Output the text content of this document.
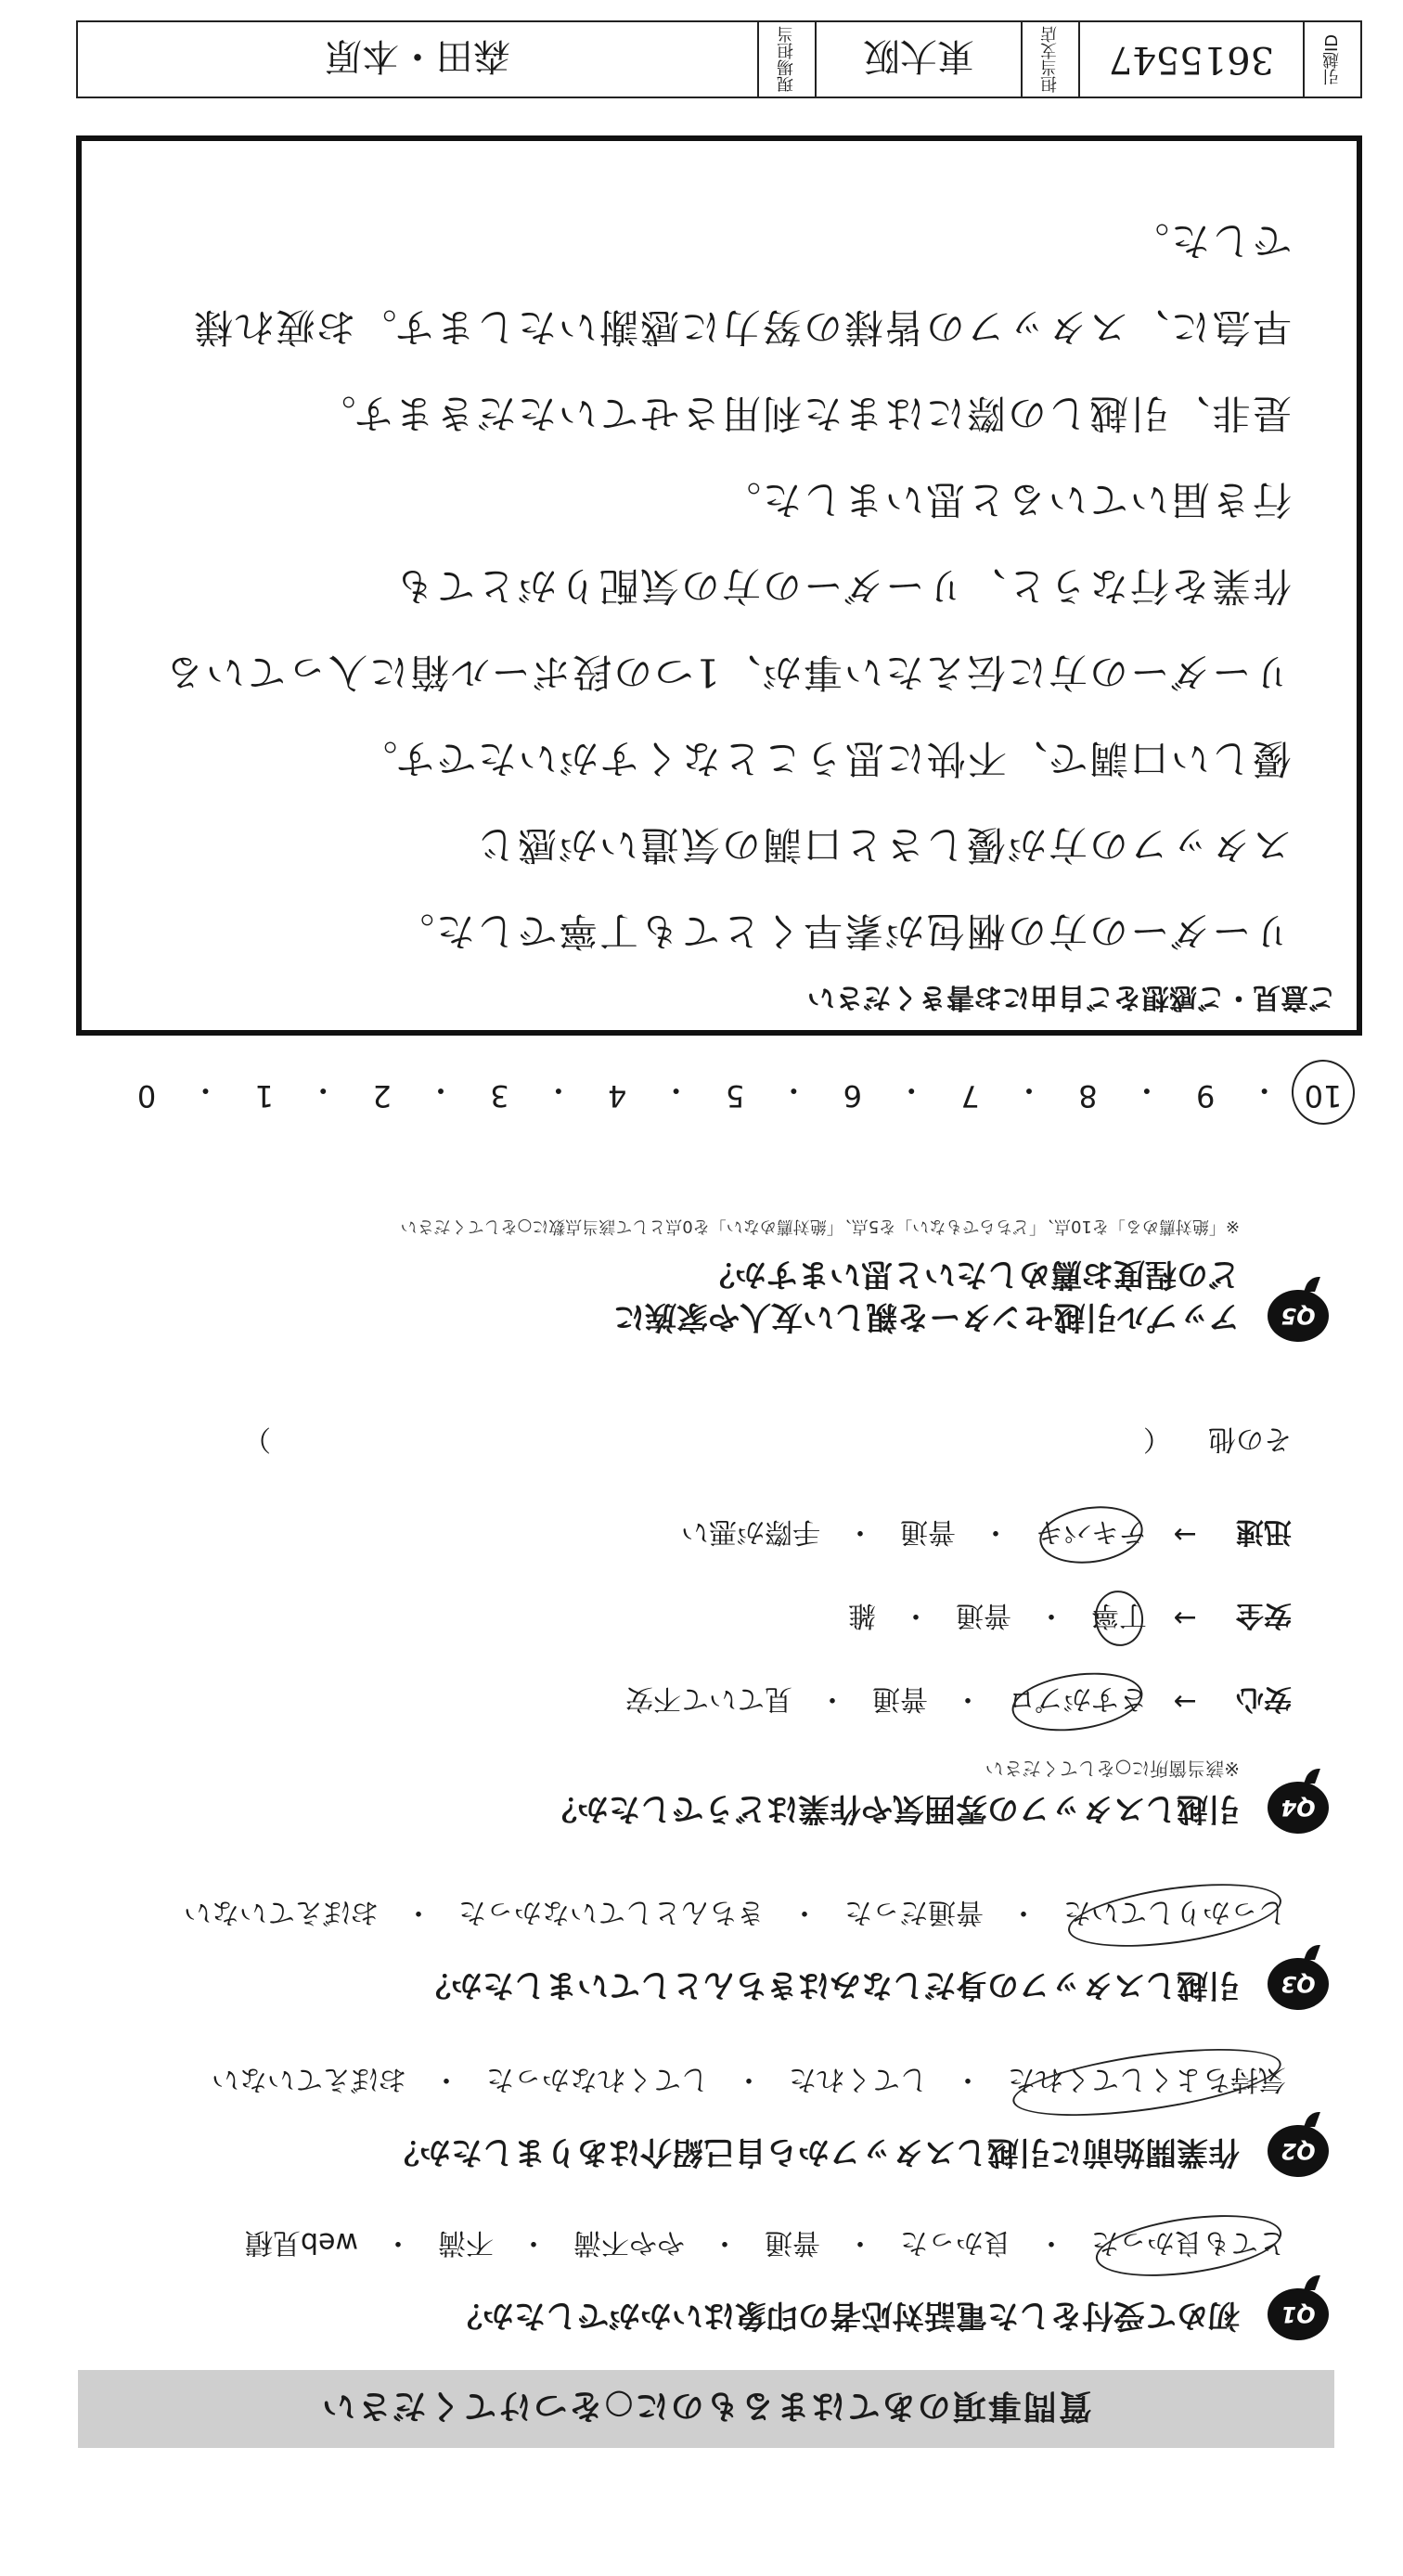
質問事項のあてはまるものに○をつけてください
Q1
初めて受付をした電話対応者の印象はいかがでしたか？
とても良かった
・
良かった
・
普通
・
やや不満
・
不満
・
web見積
Q2
作業開始前に引越しスタッフから自己紹介はありましたか？
気持ちよくしてくれた
・
してくれた
・
してくれなかった
・
おぼえていない
Q3
引越しスタッフの身だしなみはきちんとしていましたか？
しっかりしていた
・
普通だった
・
きちんとしていなかった
・
おぼえていない
Q4
引越しスタッフの雰囲気や作業はどうでしたか？
※該当箇所に○をしてください
安心
→
さすがプロ
・
普通
・
見ていて不安
安全
→
丁寧
・
普通
・
雑
迅速
→
テキパキ
・
普通
・
手際が悪い
その他
（
）
Q5
アップル引越センターを親しい友人や家族に
どの程度お薦めしたいと思いますか？
※「絶対薦める」を10点、「どちらでもない」を5点、「絶対薦めない」を0点として該当点数に○をしてください
10
・
9
・
8
・
7
・
6
・
5
・
4
・
3
・
2
・
1
・
0
ご意見・ご感想をご自由にお書きください
リーダーの方の梱包が素早くとても丁寧でした。
スタッフの方が優しさと口調の気遣いが感じ
優しい口調で、不快に思うことなくすがいたです。
リーダーの方に伝えたい事が、1つの段ボール箱に入っている
作業を行なうと、リーダーの方の気配りがとても
行き届いていると思いました。
是非、引越しの際にはまた利用させていただきます。
早急に、スタッフの皆様の努力に感謝いたします。お疲れ様
でした。
引越ID
3615547
担当支店
東大阪
現場担当
森田・本原
